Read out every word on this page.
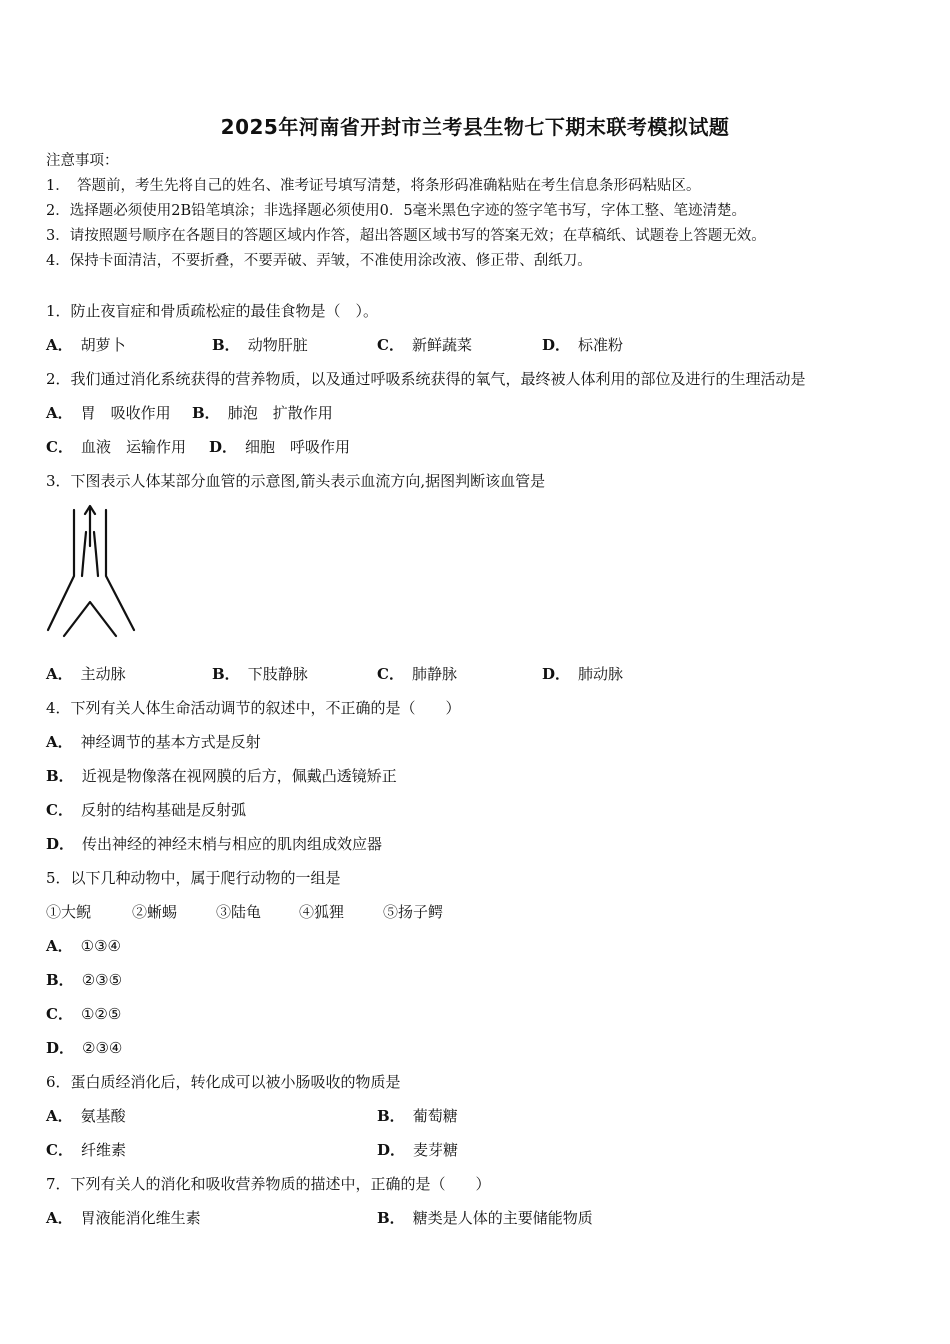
2025年河南省开封市兰考县生物七下期末联考模拟试题
注意事项：
1．　答题前，考生先将自己的姓名、准考证号填写清楚，将条形码准确粘贴在考生信息条形码粘贴区。
2．选择题必须使用2B铅笔填涂；非选择题必须使用0．5毫米黑色字迹的签字笔书写，字体工整、笔迹清楚。
3．请按照题号顺序在各题目的答题区域内作答，超出答题区域书写的答案无效；在草稿纸、试题卷上答题无效。
4．保持卡面清洁，不要折叠，不要弄破、弄皱，不准使用涂改液、修正带、刮纸刀。
1．防止夜盲症和骨质疏松症的最佳食物是（　）。
A． 胡萝卜	B． 动物肝脏	C． 新鲜蔬菜	D． 标准粉
2．我们通过消化系统获得的营养物质，以及通过呼吸系统获得的氧气，最终被人体利用的部位及进行的生理活动是
A． 胃　吸收作用 B． 肺泡　扩散作用
C． 血液　运输作用 D． 细胞　呼吸作用
3．下图表示人体某部分血管的示意图,箭头表示血流方向,据图判断该血管是
A． 主动脉	B． 下肢静脉	C． 肺静脉	D． 肺动脉
4．下列有关人体生命活动调节的叙述中，不正确的是（　　）
A． 神经调节的基本方式是反射
B． 近视是物像落在视网膜的后方，佩戴凸透镜矫正
C． 反射的结构基础是反射弧
D． 传出神经的神经末梢与相应的肌肉组成效应器
5．以下几种动物中，属于爬行动物的一组是
①大鲵	②蜥蜴	③陆龟	④狐狸	⑤扬子鳄
A． ①③④
B． ②③⑤
C． ①②⑤
D． ②③④
6．蛋白质经消化后，转化成可以被小肠吸收的物质是
A． 氨基酸	B． 葡萄糖
C． 纤维素	D． 麦芽糖
7．下列有关人的消化和吸收营养物质的描述中，正确的是（　　）
A． 胃液能消化维生素	B． 糖类是人体的主要储能物质
